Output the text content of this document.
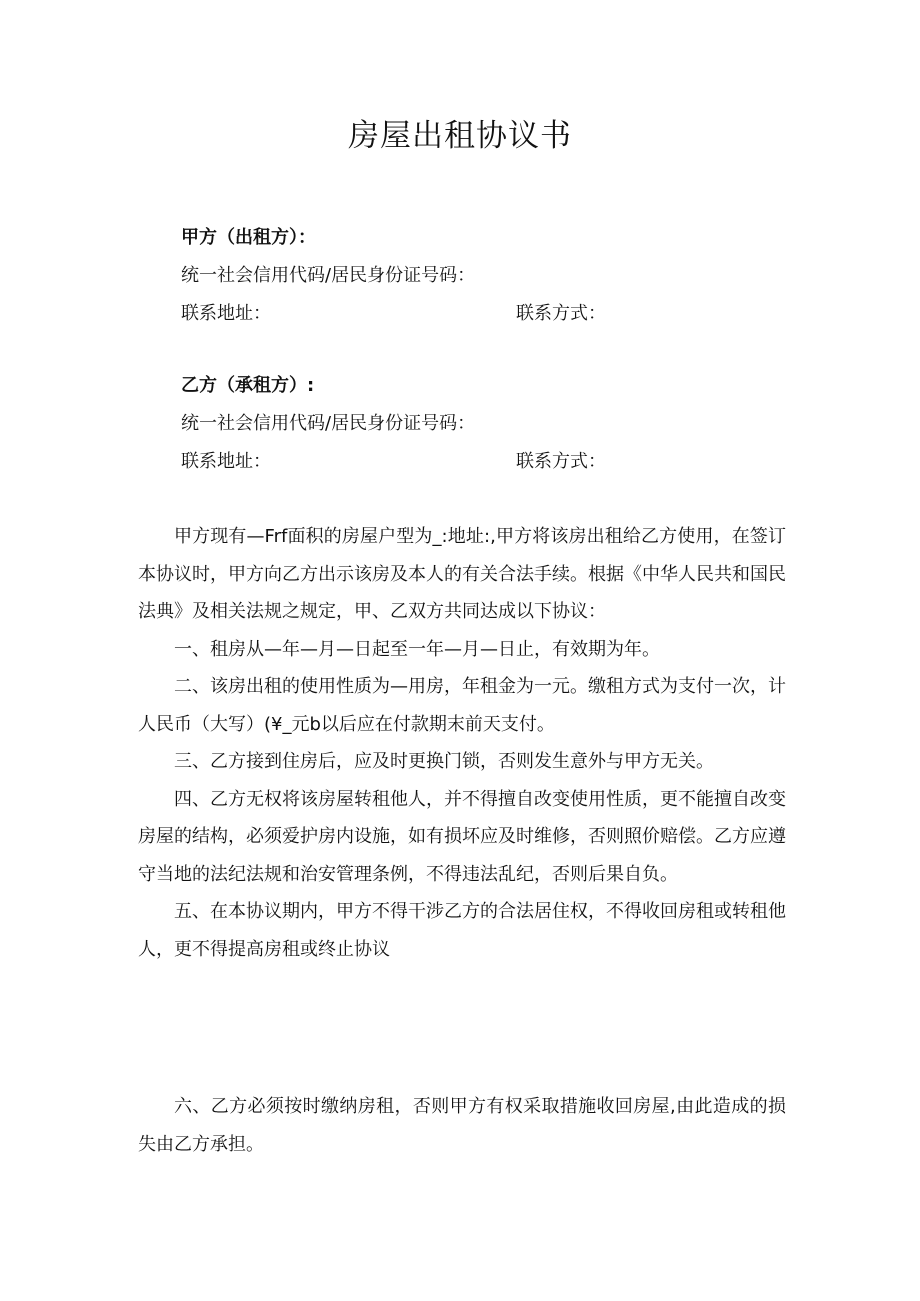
房屋出租协议书
甲方（出租方）：
统一社会信用代码/居民身份证号码：
联系地址：	联系方式：
乙方（承租方）:
统一社会信用代码/居民身份证号码：
联系地址：	联系方式：

甲方现有—Frf面积的房屋户型为_:地址:,甲方将该房出租给乙方使用，在签订本协议时，甲方向乙方出示该房及本人的有关合法手续。根据《中华人民共和国民法典》及相关法规之规定，甲、乙双方共同达成以下协议：

一、租房从—年—月—日起至一年—月—日止，有效期为年。

二、该房出租的使用性质为—用房，年租金为一元。缴租方式为支付一次，计人民币（大写）(¥_元b以后应在付款期末前天支付。

三、乙方接到住房后，应及时更换门锁，否则发生意外与甲方无关。

四、乙方无权将该房屋转租他人，并不得擅自改变使用性质，更不能擅自改变房屋的结构，必须爱护房内设施，如有损坏应及时维修，否则照价赔偿。乙方应遵守当地的法纪法规和治安管理条例，不得违法乱纪，否则后果自负。

五、在本协议期内，甲方不得干涉乙方的合法居住权，不得收回房租或转租他人，更不得提高房租或终止协议

六、乙方必须按时缴纳房租，否则甲方有权采取措施收回房屋,由此造成的损失由乙方承担。
